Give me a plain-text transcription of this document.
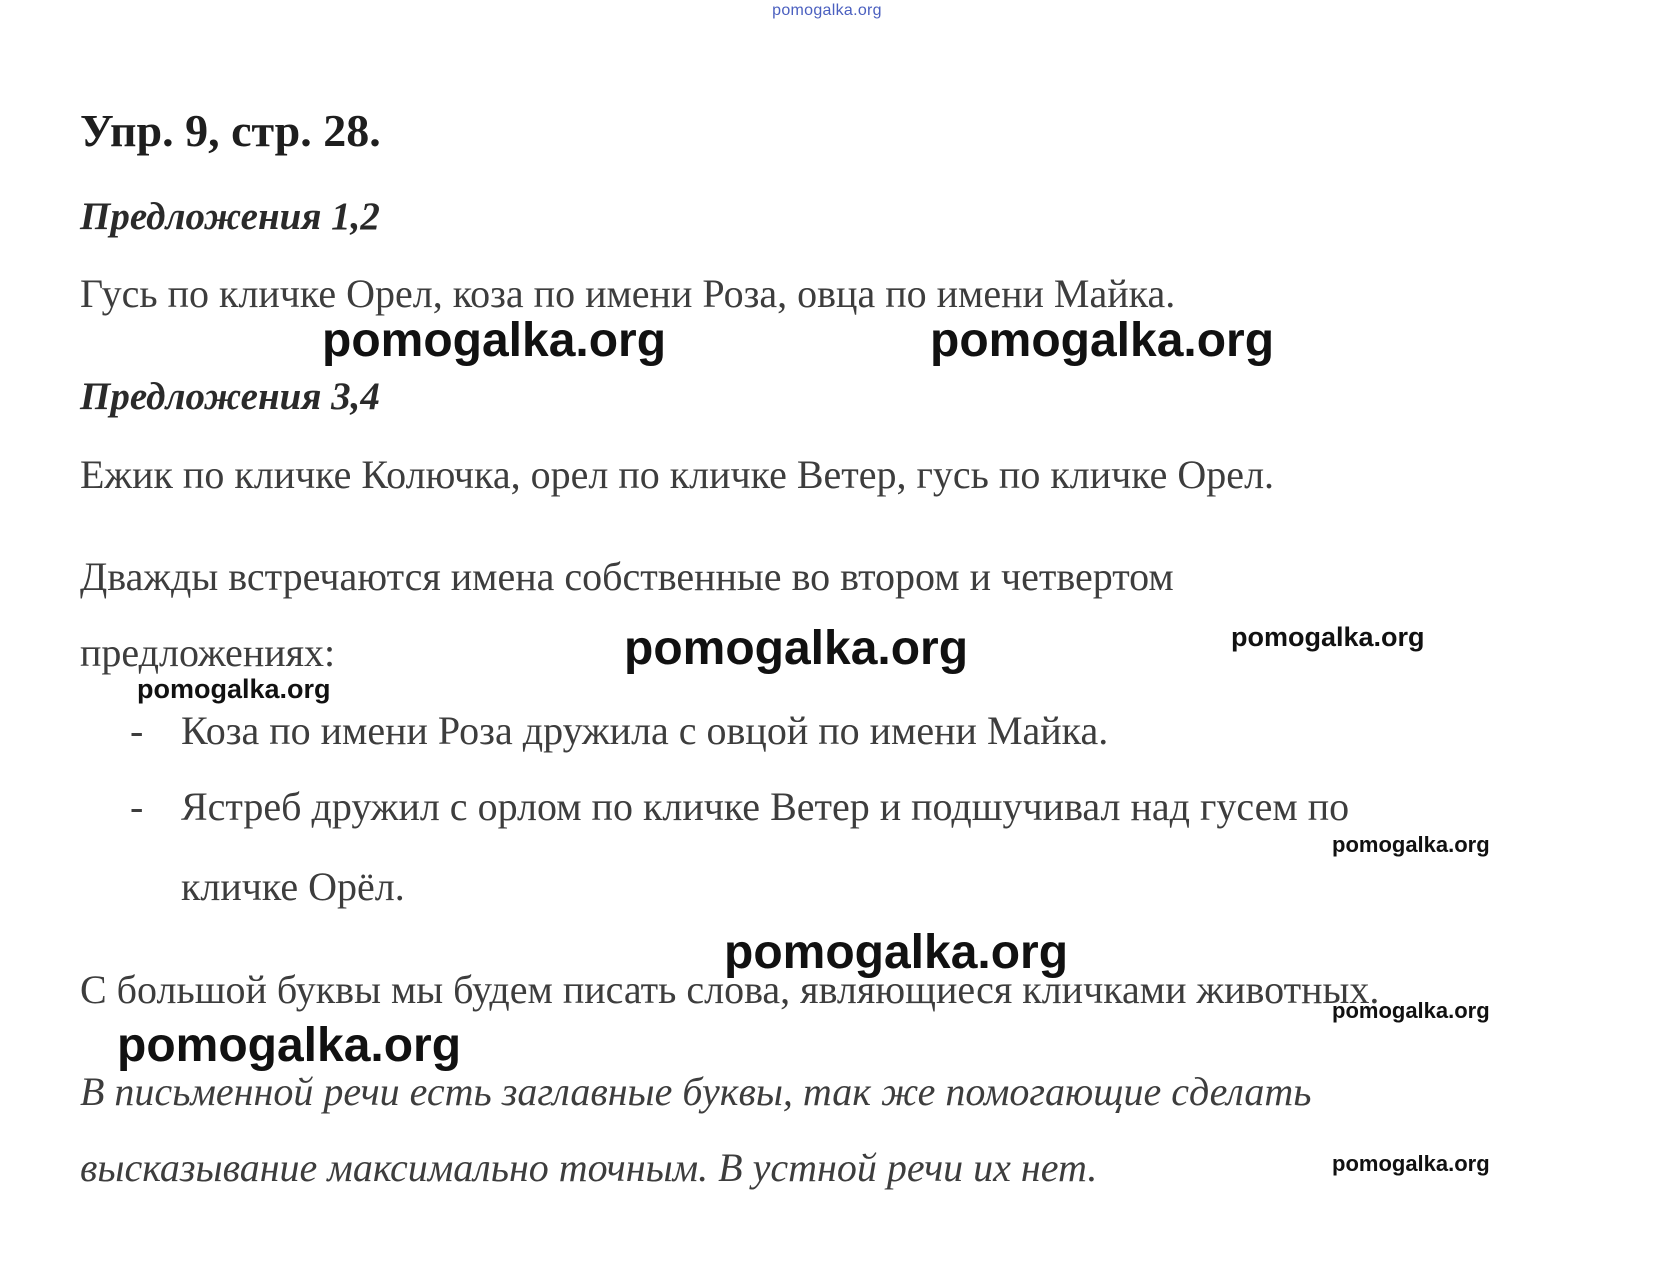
pomogalka.org
Упр. 9, стр. 28.
Предложения 1,2
Гусь по кличке Орел, коза по имени Роза, овца по имени Майка.
Предложения 3,4
Ежик по кличке Колючка, орел по кличке Ветер, гусь по кличке Орел.
Дважды встречаются имена собственные во втором и четвертом
предложениях:
- Коза по имени Роза дружила с овцой по имени Майка.
- Ястреб дружил с орлом по кличке Ветер и подшучивал над гусем по
кличке Орёл.
С большой буквы мы будем писать слова, являющиеся кличками животных.
В письменной речи есть заглавные буквы, так же помогающие сделать
высказывание максимально точным. В устной речи их нет.
pomogalka.org	pomogalka.org
pomogalka.org
pomogalka.org
pomogalka.org
pomogalka.org
pomogalka.org
pomogalka.org
pomogalka.org
pomogalka.org
